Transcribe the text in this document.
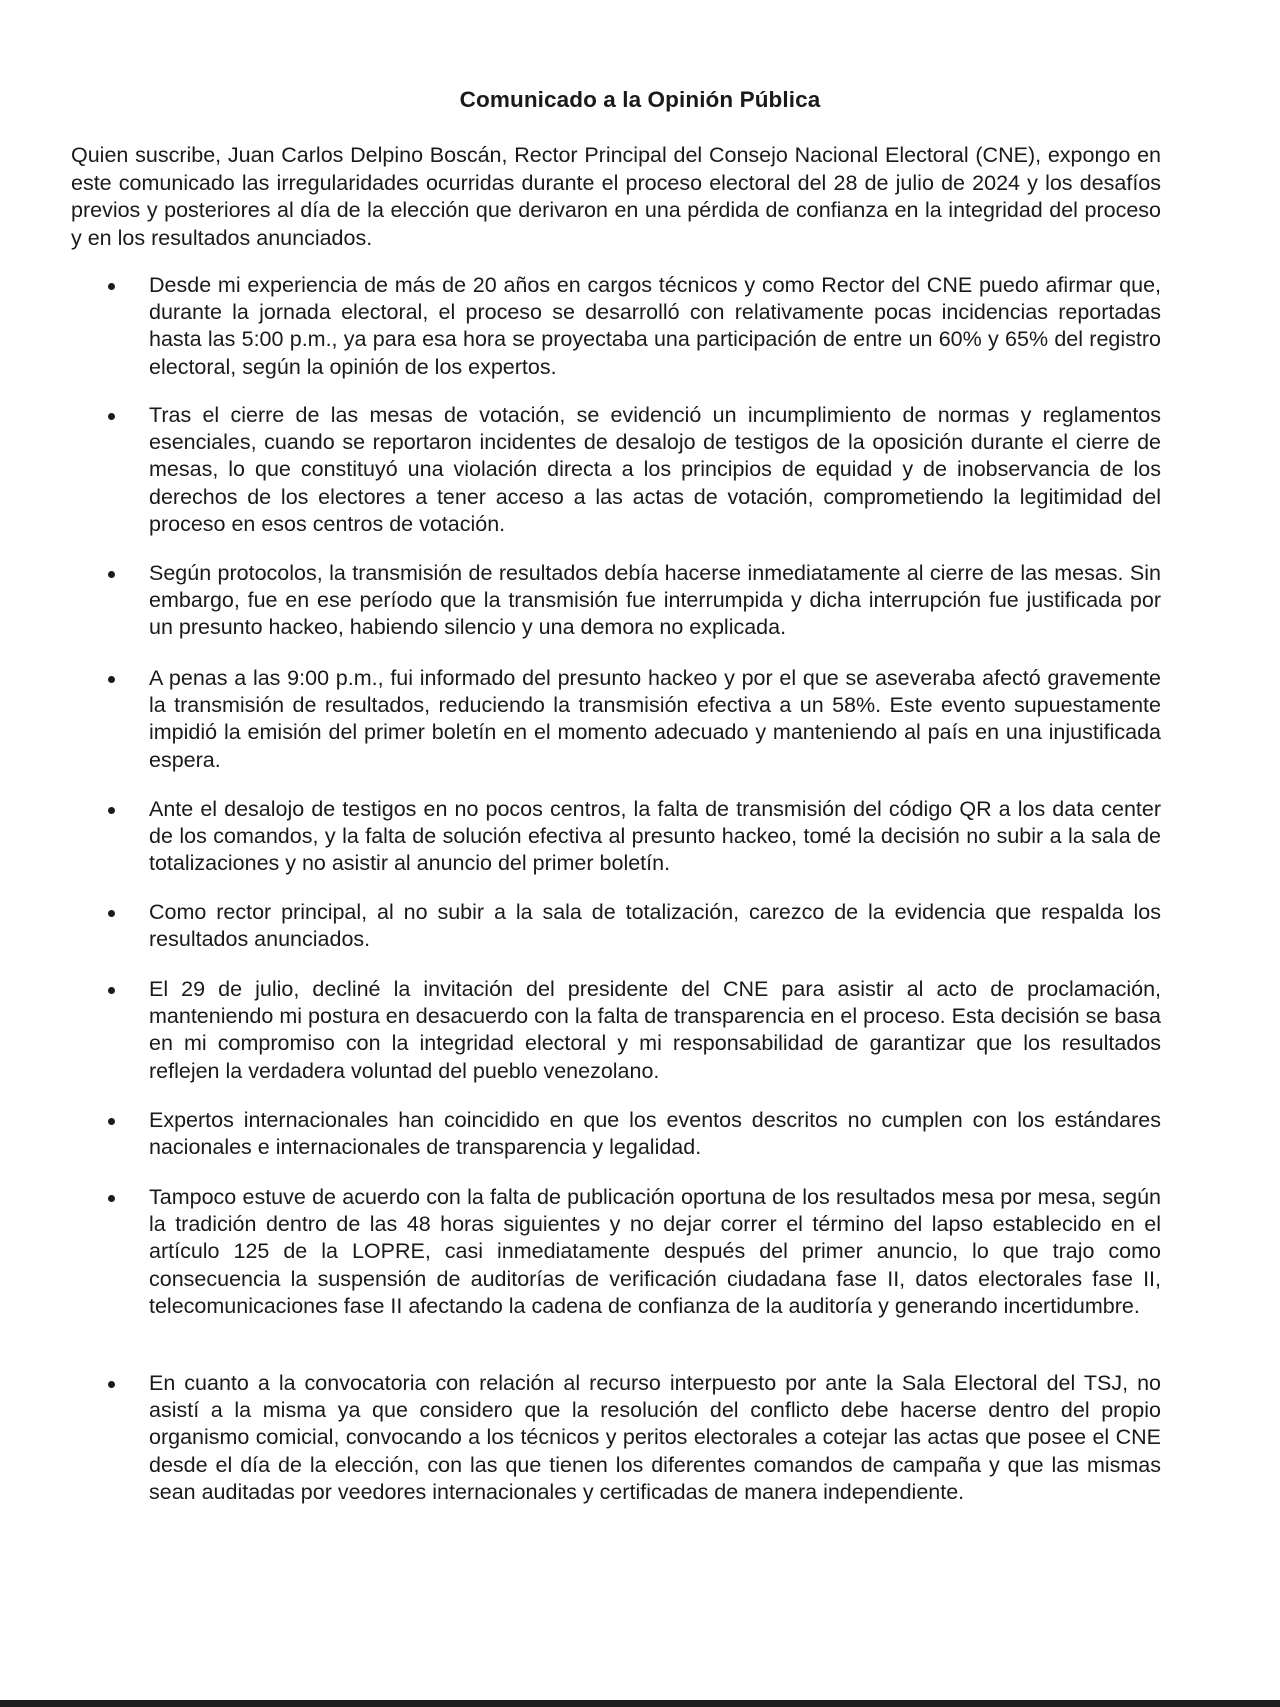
Comunicado a la Opinión Pública

Quien suscribe, Juan Carlos Delpino Boscán, Rector Principal del Consejo Nacional Electoral (CNE), expongo en este comunicado las irregularidades ocurridas durante el proceso electoral del 28 de julio de 2024 y los desafíos previos y posteriores al día de la elección que derivaron en una pérdida de confianza en la integridad del proceso y en los resultados anunciados.

Desde mi experiencia de más de 20 años en cargos técnicos y como Rector del CNE puedo afirmar que, durante la jornada electoral, el proceso se desarrolló con relativamente pocas incidencias reportadas hasta las 5:00 p.m., ya para esa hora se proyectaba una participación de entre un 60% y 65% del registro electoral, según la opinión de los expertos.

Tras el cierre de las mesas de votación, se evidenció un incumplimiento de normas y reglamentos esenciales, cuando se reportaron incidentes de desalojo de testigos de la oposición durante el cierre de mesas, lo que constituyó una violación directa a los principios de equidad y de inobservancia de los derechos de los electores a tener acceso a las actas de votación, comprometiendo la legitimidad del proceso en esos centros de votación.

Según protocolos, la transmisión de resultados debía hacerse inmediatamente al cierre de las mesas. Sin embargo, fue en ese período que la transmisión fue interrumpida y dicha interrupción fue justificada por un presunto hackeo, habiendo silencio y una demora no explicada.

A penas a las 9:00 p.m., fui informado del presunto hackeo y por el que se aseveraba afectó gravemente la transmisión de resultados, reduciendo la transmisión efectiva a un 58%. Este evento supuestamente impidió la emisión del primer boletín en el momento adecuado y manteniendo al país en una injustificada espera.

Ante el desalojo de testigos en no pocos centros, la falta de transmisión del código QR a los data center de los comandos, y la falta de solución efectiva al presunto hackeo, tomé la decisión no subir a la sala de totalizaciones y no asistir al anuncio del primer boletín.

Como rector principal, al no subir a la sala de totalización, carezco de la evidencia que respalda los resultados anunciados.

El 29 de julio, decliné la invitación del presidente del CNE para asistir al acto de proclamación, manteniendo mi postura en desacuerdo con la falta de transparencia en el proceso. Esta decisión se basa en mi compromiso con la integridad electoral y mi responsabilidad de garantizar que los resultados reflejen la verdadera voluntad del pueblo venezolano.

Expertos internacionales han coincidido en que los eventos descritos no cumplen con los estándares nacionales e internacionales de transparencia y legalidad.

Tampoco estuve de acuerdo con la falta de publicación oportuna de los resultados mesa por mesa, según la tradición dentro de las 48 horas siguientes y no dejar correr el término del lapso establecido en el artículo 125 de la LOPRE, casi inmediatamente después del primer anuncio, lo que trajo como consecuencia la suspensión de auditorías de verificación ciudadana fase II, datos electorales fase II, telecomunicaciones fase II afectando la cadena de confianza de la auditoría y generando incertidumbre.

En cuanto a la convocatoria con relación al recurso interpuesto por ante la Sala Electoral del TSJ, no asistí a la misma ya que considero que la resolución del conflicto debe hacerse dentro del propio organismo comicial, convocando a los técnicos y peritos electorales a cotejar las actas que posee el CNE desde el día de la elección, con las que tienen los diferentes comandos de campaña y que las mismas sean auditadas por veedores internacionales y certificadas de manera independiente.
